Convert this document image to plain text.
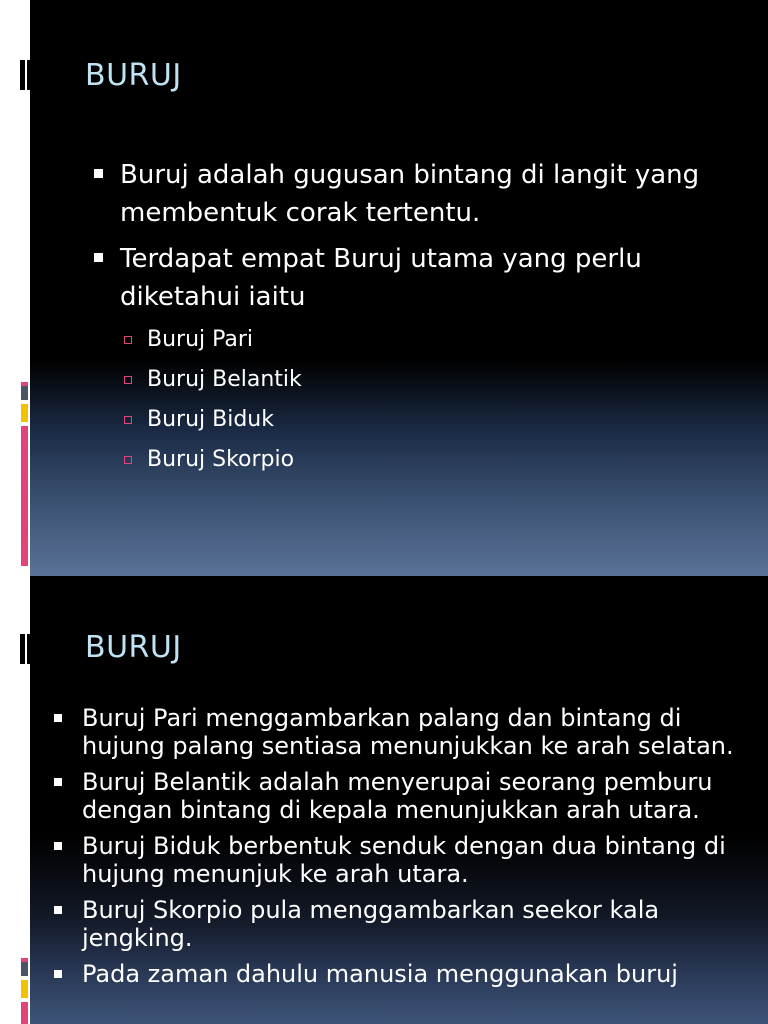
BURUJ
Buruj adalah gugusan bintang di langit yang membentuk corak tertentu.
Terdapat empat Buruj utama yang perlu diketahui iaitu
Buruj Pari
Buruj Belantik
Buruj Biduk
Buruj Skorpio
BURUJ
Buruj Pari menggambarkan palang dan bintang di hujung palang sentiasa menunjukkan ke arah selatan.
Buruj Belantik adalah menyerupai seorang pemburu dengan bintang di kepala menunjukkan arah utara.
Buruj Biduk berbentuk senduk dengan dua bintang di hujung menunjuk ke arah utara.
Buruj Skorpio pula menggambarkan seekor kala jengking.
Pada zaman dahulu manusia menggunakan buruj
